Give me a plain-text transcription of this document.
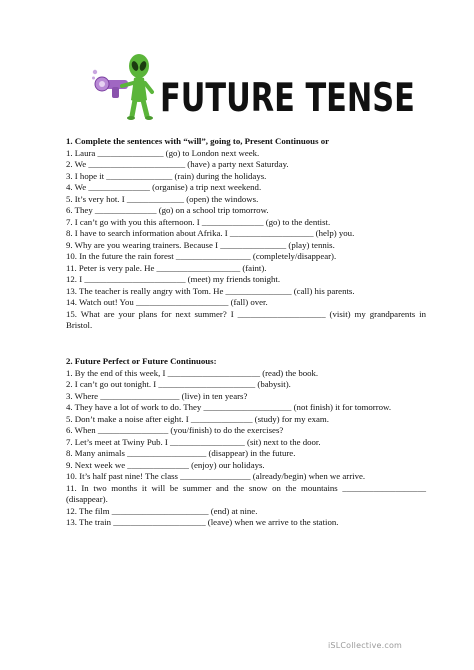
FUTURE TENSE
1. Complete the sentences with “will”, going to, Present Continuous or

1. Laura _______________ (go) to London next week.

2. We ______________________ (have) a party next Saturday.

3. I hope it _______________ (rain) during the holidays.

4. We ______________ (organise) a trip next weekend.

5. It’s very hot. I _____________ (open) the windows.

6. They ______________ (go) on a school trip tomorrow.

7. I can’t go with you this afternoon. I ______________ (go) to the dentist.

8. I have to search information about Afrika. I ___________________ (help) you.

9. Why are you wearing trainers. Because I _______________ (play) tennis.

10. In the future the rain forest _________________ (completely/disappear).

11. Peter is very pale. He ___________________ (faint).

12. I _______________________ (meet) my friends tonight.

13. The teacher is really angry with Tom. He _______________ (call) his parents.

14. Watch out! You _____________________ (fall) over.

15. What are your plans for next summer? I ____________________ (visit) my grandparents in Bristol.

2. Future Perfect or Future Continuous:

1. By the end of this week, I _____________________ (read) the book.

2. I can’t go out tonight. I ______________________ (babysit).

3. Where __________________ (live) in ten years?

4. They have a lot of work to do. They ____________________ (not finish) it for tomorrow.

5. Don’t make a noise after eight. I ______________ (study) for my exam.

6. When ________________ (you/finish) to do the exercises?

7. Let’s meet at Twiny Pub. I _________________ (sit) next to the door.

8. Many animals __________________ (disappear) in the future.

9. Next week we ______________ (enjoy) our holidays.

10. It’s half past nine! The class ________________ (already/begin) when we arrive.

11. In two months it will be summer and the snow on the mountains ___________________ (disappear).

12. The film ______________________ (end) at nine.

13. The train _____________________ (leave) when we arrive to the station.

iSLCollective.com
